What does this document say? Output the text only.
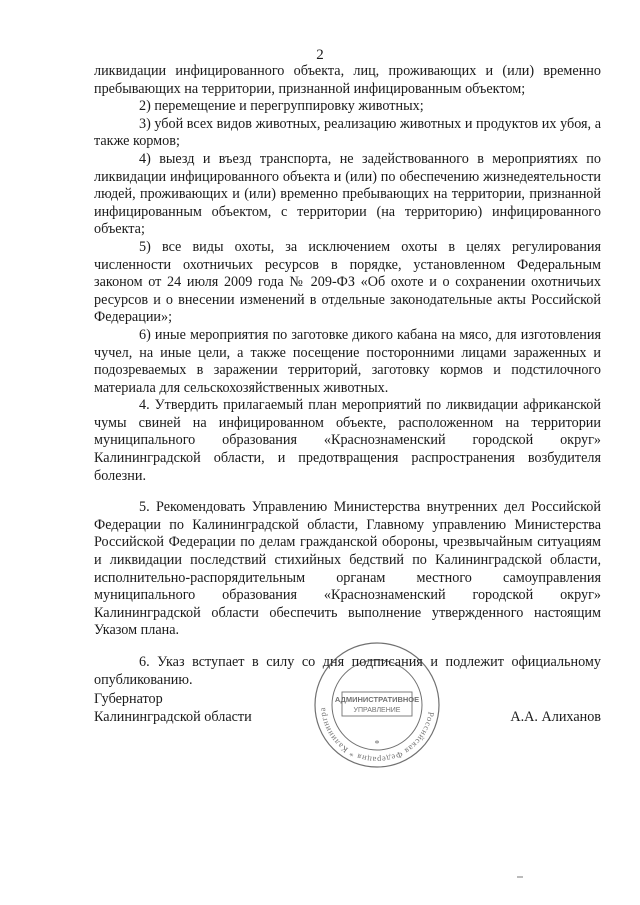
2

ликвидации инфицированного объекта, лиц, проживающих и (или) временно пребывающих на территории, признанной инфицированным объектом;

2) перемещение и перегруппировку животных;

3) убой всех видов животных, реализацию животных и продуктов их убоя, а также кормов;

4) выезд и въезд транспорта, не задействованного в мероприятиях по ликвидации инфицированного объекта и (или) по обеспечению жизнедеятельности людей, проживающих и (или) временно пребывающих на территории, признанной инфицированным объектом, с территории (на территорию) инфицированного объекта;

5) все виды охоты, за исключением охоты в целях регулирования численности охотничьих ресурсов в порядке, установленном Федеральным законом от 24 июля 2009 года № 209-ФЗ «Об охоте и о сохранении охотничьих ресурсов и о внесении изменений в отдельные законодательные акты Российской Федерации»;

6) иные мероприятия по заготовке дикого кабана на мясо, для изготовления чучел, на иные цели, а также посещение посторонними лицами зараженных и подозреваемых в заражении территорий, заготовку кормов и подстилочного материала для сельскохозяйственных животных.

4. Утвердить прилагаемый план мероприятий по ликвидации африканской чумы свиней на инфицированном объекте, расположенном на территории муниципального образования «Краснознаменский городской округ» Калининградской области, и предотвращения распространения возбудителя болезни.

5. Рекомендовать Управлению Министерства внутренних дел Российской Федерации по Калининградской области, Главному управлению Министерства Российской Федерации по делам гражданской обороны, чрезвычайным ситуациям и ликвидации последствий стихийных бедствий по Калининградской области, исполнительно-распорядительным органам местного самоуправления муниципального образования «Краснознаменский городской округ» Калининградской области обеспечить выполнение утвержденного настоящим Указом плана.

6. Указ вступает в силу со дня подписания и подлежит официальному опубликованию.

Губернатор
Калининградской области	А.А. Алиханов
Российская Федерация * Калинингра
АДМИНИСТРАТИВНОЕ
УПРАВЛЕНИЕ
*
